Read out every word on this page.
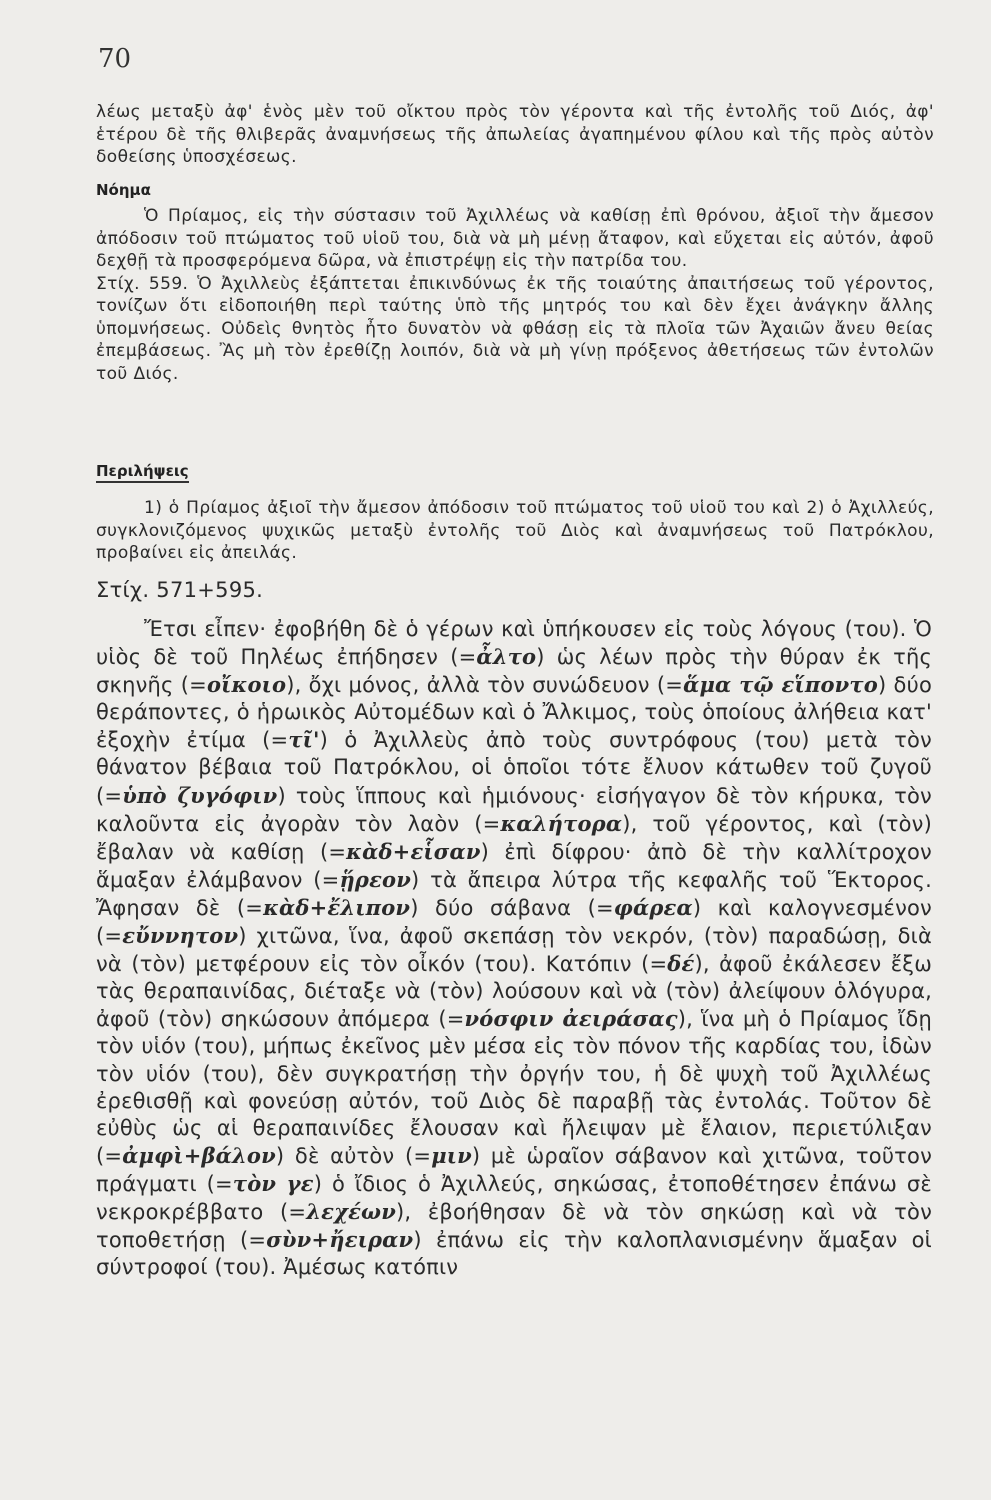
70

λέως μεταξὺ ἀφ' ἑνὸς μὲν τοῦ οἴκτου πρὸς τὸν γέροντα καὶ τῆς ἐντολῆς τοῦ Διός, ἀφ' ἑτέρου δὲ τῆς θλιβερᾶς ἀναμνήσεως τῆς ἀπωλείας ἀγαπημένου φίλου καὶ τῆς πρὸς αὐτὸν δοθείσης ὑποσχέσεως.

Νόημα

Ὁ Πρίαμος, εἰς τὴν σύστασιν τοῦ Ἀχιλλέως νὰ καθίσῃ ἐπὶ θρόνου, ἀξιοῖ τὴν ἄμεσον ἀπόδοσιν τοῦ πτώματος τοῦ υἱοῦ του, διὰ νὰ μὴ μένῃ ἄταφον, καὶ εὔχεται εἰς αὐτόν, ἀφοῦ δεχθῇ τὰ προσφερόμενα δῶρα, νὰ ἐπιστρέψῃ εἰς τὴν πατρίδα του.

Στίχ. 559. Ὁ Ἀχιλλεὺς ἐξάπτεται ἐπικινδύνως ἐκ τῆς τοιαύτης ἀπαιτήσεως τοῦ γέροντος, τονίζων ὅτι εἰδοποιήθη περὶ ταύτης ὑπὸ τῆς μητρός του καὶ δὲν ἔχει ἀνάγκην ἄλλης ὑπομνήσεως. Οὐδεὶς θνητὸς ἦτο δυνατὸν νὰ φθάσῃ εἰς τὰ πλοῖα τῶν Ἀχαιῶν ἄνευ θείας ἐπεμβάσεως. Ἂς μὴ τὸν ἐρεθίζῃ λοιπόν, διὰ νὰ μὴ γίνῃ πρόξενος ἀθετήσεως τῶν ἐντολῶν τοῦ Διός.

Περιλήψεις

1) ὁ Πρίαμος ἀξιοῖ τὴν ἄμεσον ἀπόδοσιν τοῦ πτώματος τοῦ υἱοῦ του καὶ 2) ὁ Ἀχιλλεύς, συγκλονιζόμενος ψυχικῶς μεταξὺ ἐντολῆς τοῦ Διὸς καὶ ἀναμνήσεως τοῦ Πατρόκλου, προβαίνει εἰς ἀπειλάς.

Στίχ. 571+595.

Ἔτσι εἶπεν· ἐφοβήθη δὲ ὁ γέρων καὶ ὑπήκουσεν εἰς τοὺς λόγους (του). Ὁ υἱὸς δὲ τοῦ Πηλέως ἐπήδησεν (=ἆλτο) ὡς λέων πρὸς τὴν θύραν ἐκ τῆς σκηνῆς (=οἴκοιο), ὄχι μόνος, ἀλλὰ τὸν συνώδευον (=ἅμα τῷ εἵποντο) δύο θεράποντες, ὁ ἡρωικὸς Αὐτομέδων καὶ ὁ Ἄλκιμος, τοὺς ὁποίους ἀλήθεια κατ' ἐξοχὴν ἐτίμα (=τῖ') ὁ Ἀχιλλεὺς ἀπὸ τοὺς συντρόφους (του) μετὰ τὸν θάνατον βέβαια τοῦ Πατρόκλου, οἱ ὁποῖοι τότε ἔλυον κάτωθεν τοῦ ζυγοῦ (=ὑπὸ ζυγόφιν) τοὺς ἵππους καὶ ἡμιόνους· εἰσήγαγον δὲ τὸν κήρυκα, τὸν καλοῦντα εἰς ἀγορὰν τὸν λαὸν (=καλήτορα), τοῦ γέροντος, καὶ (τὸν) ἔβαλαν νὰ καθίσῃ (=κὰδ+εἷσαν) ἐπὶ δίφρου· ἀπὸ δὲ τὴν καλλίτροχον ἅμαξαν ἐλάμβανον (=ᾕρεον) τὰ ἄπειρα λύτρα τῆς κεφαλῆς τοῦ Ἕκτορος. Ἄφησαν δὲ (=κὰδ+ἔλιπον) δύο σάβανα (=φάρεα) καὶ καλογνεσμένον (=εὔννητον) χιτῶνα, ἵνα, ἀφοῦ σκεπάσῃ τὸν νεκρόν, (τὸν) παραδώσῃ, διὰ νὰ (τὸν) μετφέρουν εἰς τὸν οἶκόν (του). Κατόπιν (=δέ), ἀφοῦ ἐκάλεσεν ἔξω τὰς θεραπαινίδας, διέταξε νὰ (τὸν) λούσουν καὶ νὰ (τὸν) ἀλείψουν ὁλόγυρα, ἀφοῦ (τὸν) σηκώσουν ἀπόμερα (=νόσφιν ἀειράσας), ἵνα μὴ ὁ Πρίαμος ἴδῃ τὸν υἱόν (του), μήπως ἐκεῖνος μὲν μέσα εἰς τὸν πόνον τῆς καρδίας του, ἰδὼν τὸν υἱόν (του), δὲν συγκρατήσῃ τὴν ὀργήν του, ἡ δὲ ψυχὴ τοῦ Ἀχιλλέως ἐρεθισθῇ καὶ φονεύσῃ αὐτόν, τοῦ Διὸς δὲ παραβῇ τὰς ἐντολάς. Τοῦτον δὲ εὐθὺς ὡς αἱ θεραπαινίδες ἔλουσαν καὶ ἤλειψαν μὲ ἔλαιον, περιετύλιξαν (=ἀμφὶ+βάλον) δὲ αὐτὸν (=μιν) μὲ ὡραῖον σάβανον καὶ χιτῶνα, τοῦτον πράγματι (=τὸν γε) ὁ ἴδιος ὁ Ἀχιλλεύς, σηκώσας, ἐτοποθέτησεν ἐπάνω σὲ νεκροκρέββατο (=λεχέων), ἐβοήθησαν δὲ νὰ τὸν σηκώσῃ καὶ νὰ τὸν τοποθετήσῃ (=σὺν+ἤειραν) ἐπάνω εἰς τὴν καλοπλανισμένην ἅμαξαν οἱ σύντροφοί (του). Ἀμέσως κατόπιν
